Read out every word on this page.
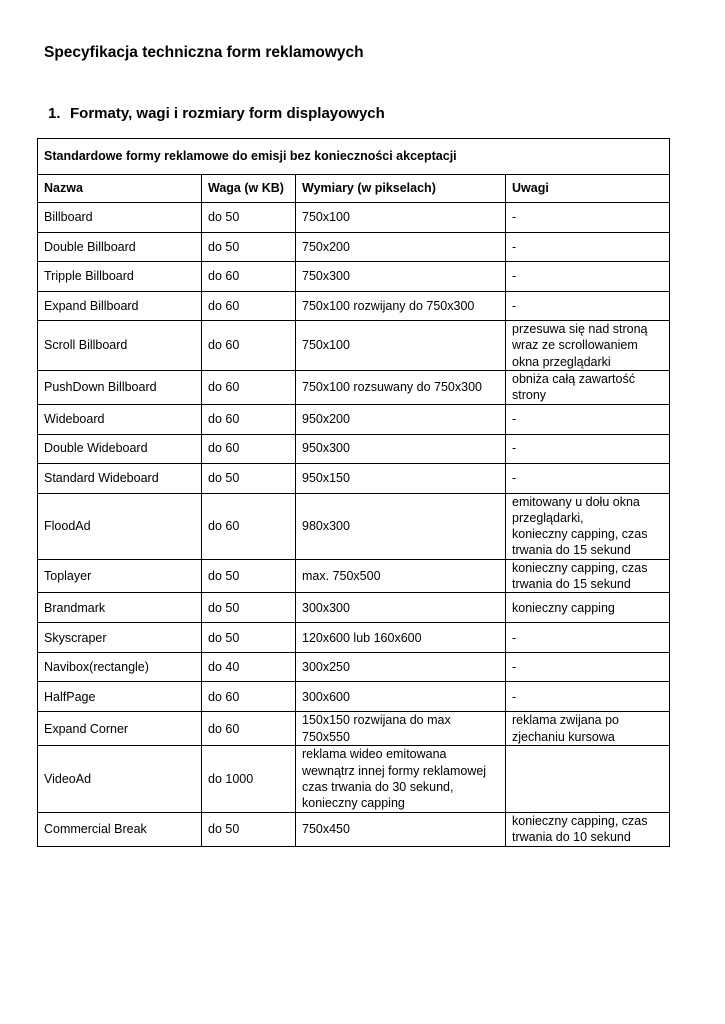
Specyfikacja techniczna form reklamowych
1. Formaty, wagi i rozmiary form displayowych
Standardowe formy reklamowe do emisji bez konieczności akceptacji			
Nazwa	Waga (w KB)	Wymiary (w pikselach)	Uwagi
Billboard	do 50	750x100	-
Double Billboard	do 50	750x200	-
Tripple Billboard	do 60	750x300	-
Expand Billboard	do 60	750x100 rozwijany do 750x300	-
Scroll Billboard	do 60	750x100	przesuwa się nad stroną
wraz ze scrollowaniem
okna przeglądarki
PushDown Billboard	do 60	750x100 rozsuwany do 750x300	obniża całą zawartość
strony
Wideboard	do 60	950x200	-
Double Wideboard	do 60	950x300	-
Standard Wideboard	do 50	950x150	-
FloodAd	do 60	980x300	emitowany u dołu okna
przeglądarki,
konieczny capping, czas
trwania do 15 sekund
Toplayer	do 50	max. 750x500	konieczny capping, czas
trwania do 15 sekund
Brandmark	do 50	300x300	konieczny capping
Skyscraper	do 50	120x600 lub 160x600	-
Navibox(rectangle)	do 40	300x250	-
HalfPage	do 60	300x600	-
Expand Corner	do 60	150x150 rozwijana do max 750x550	reklama zwijana po
zjechaniu kursowa
VideoAd	do 1000	reklama wideo emitowana
wewnątrz innej formy reklamowej
czas trwania do 30 sekund,
konieczny capping	
Commercial Break	do 50	750x450	konieczny capping, czas
trwania do 10 sekund
